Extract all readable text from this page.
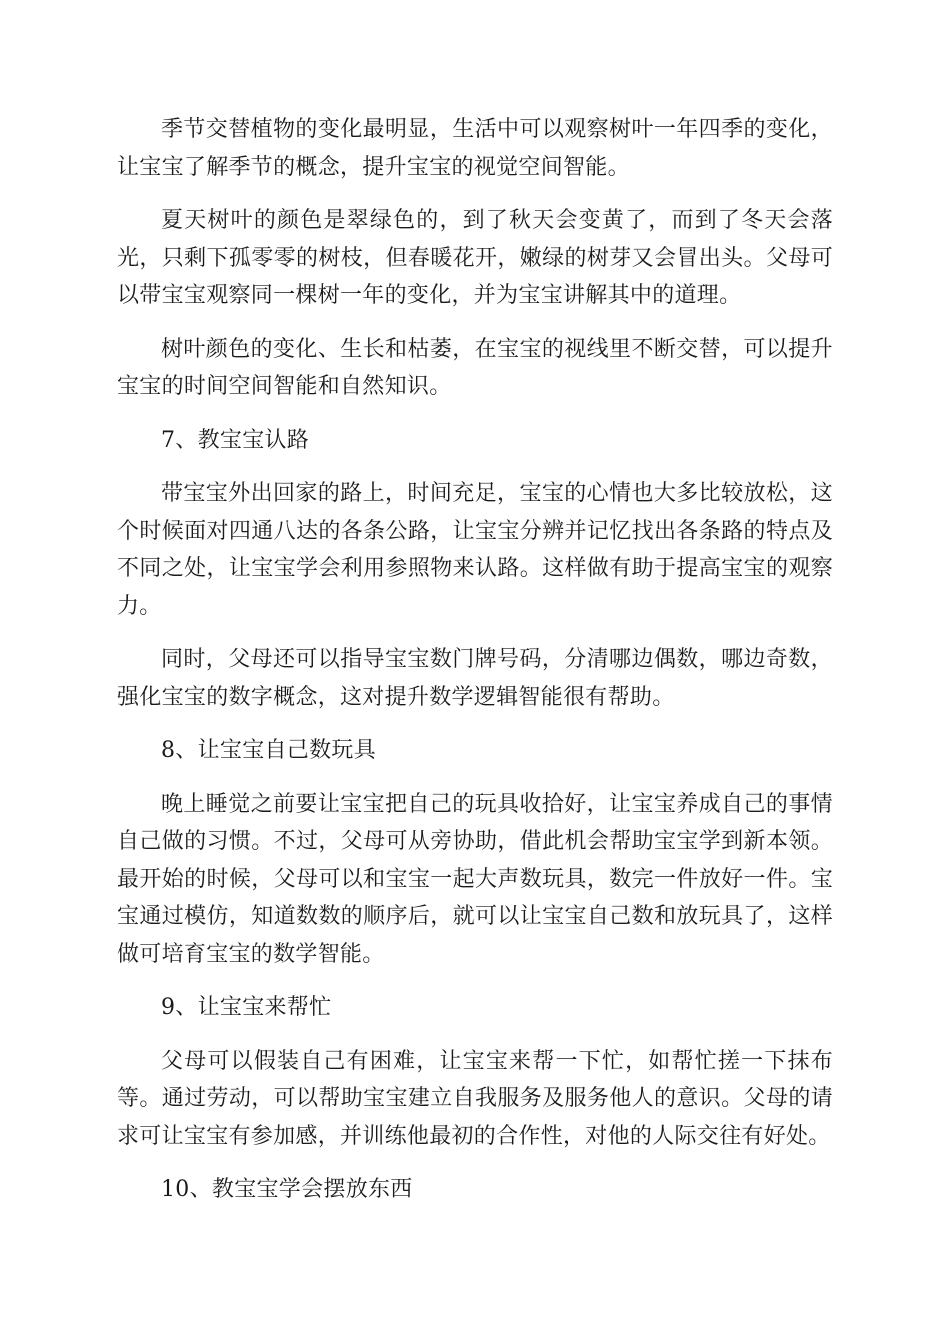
季节交替植物的变化最明显，生活中可以观察树叶一年四季的变化，让宝宝了解季节的概念，提升宝宝的视觉空间智能。

夏天树叶的颜色是翠绿色的，到了秋天会变黄了，而到了冬天会落光，只剩下孤零零的树枝，但春暖花开，嫩绿的树芽又会冒出头。父母可以带宝宝观察同一棵树一年的变化，并为宝宝讲解其中的道理。

树叶颜色的变化、生长和枯萎，在宝宝的视线里不断交替，可以提升宝宝的时间空间智能和自然知识。

7、教宝宝认路

带宝宝外出回家的路上，时间充足，宝宝的心情也大多比较放松，这个时候面对四通八达的各条公路，让宝宝分辨并记忆找出各条路的特点及不同之处，让宝宝学会利用参照物来认路。这样做有助于提高宝宝的观察力。

同时，父母还可以指导宝宝数门牌号码，分清哪边偶数，哪边奇数，强化宝宝的数字概念，这对提升数学逻辑智能很有帮助。

8、让宝宝自己数玩具

晚上睡觉之前要让宝宝把自己的玩具收拾好，让宝宝养成自己的事情自己做的习惯。不过，父母可从旁协助，借此机会帮助宝宝学到新本领。最开始的时候，父母可以和宝宝一起大声数玩具，数完一件放好一件。宝宝通过模仿，知道数数的顺序后，就可以让宝宝自己数和放玩具了，这样做可培育宝宝的数学智能。

9、让宝宝来帮忙

父母可以假装自己有困难，让宝宝来帮一下忙，如帮忙搓一下抹布等。通过劳动，可以帮助宝宝建立自我服务及服务他人的意识。父母的请求可让宝宝有参加感，并训练他最初的合作性，对他的人际交往有好处。

10、教宝宝学会摆放东西
